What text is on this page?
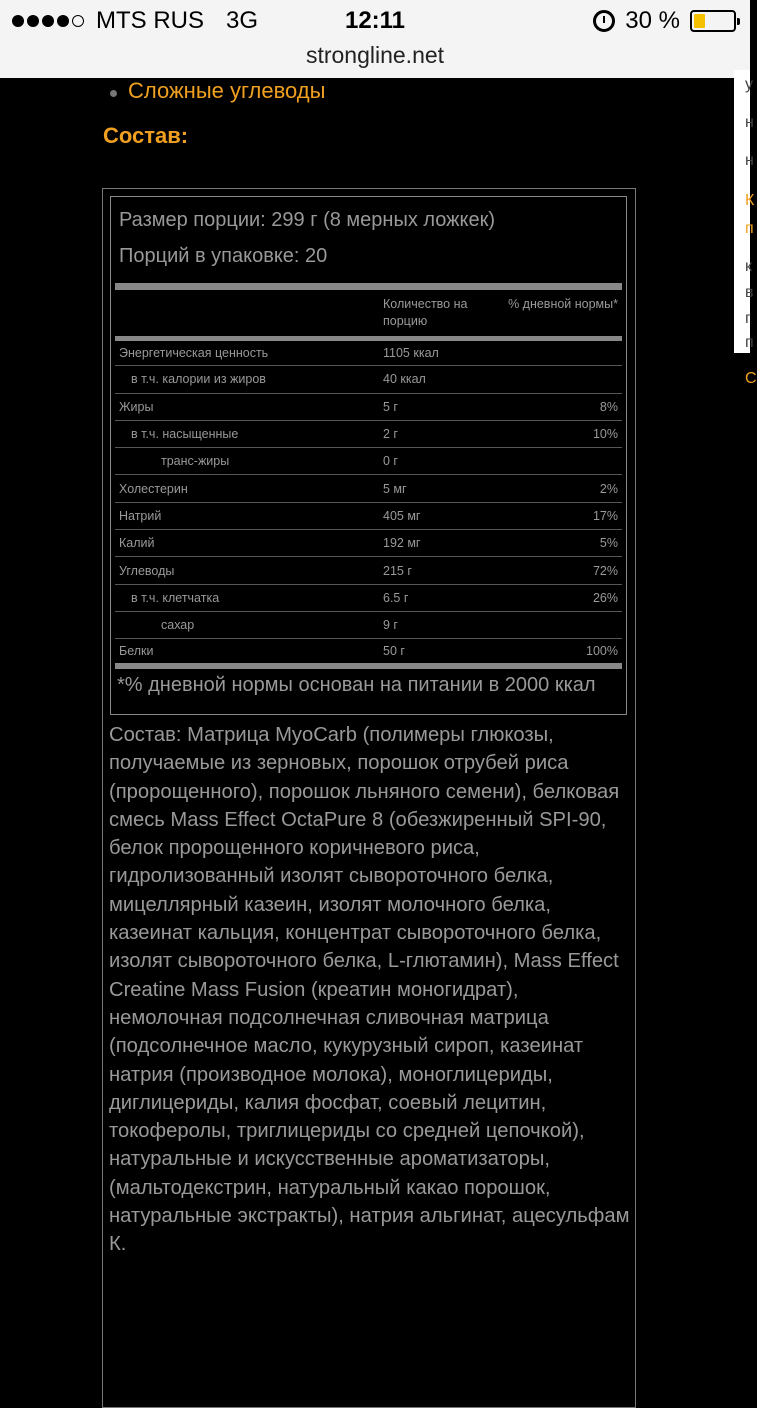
MTS RUS 3G	12:11	30 %
strongline.net
Сложные углеводы
Состав:
Размер порции: 299 г (8 мерных ложкек)
Порций в упаковке: 20
	Количество на порцию	% дневной нормы*
Энергетическая ценность	1105 ккал	
в т.ч. калории из жиров	40 ккал	
Жиры	5 г	8%
в т.ч. насыщенные	2 г	10%
транс-жиры	0 г	
Холестерин	5 мг	2%
Натрий	405 мг	17%
Калий	192 мг	5%
Углеводы	215 г	72%
в т.ч. клетчатка	6.5 г	26%
сахар	9 г	
Белки	50 г	100%
*% дневной нормы основан на питании в 2000 ккал
Состав: Матрица MyoCarb (полимеры глюкозы, получаемые из зерновых, порошок отрубей риса (пророщенного), порошок льняного семени), белковая смесь Mass Effect OctaPure 8 (обезжиренный SPI-90, белок пророщенного коричневого риса, гидролизованный изолят сывороточного белка, мицеллярный казеин, изолят молочного белка, казеинат кальция, концентрат сывороточного белка, изолят сывороточного белка, L-глютамин), Mass Effect Creatine Mass Fusion (креатин моногидрат), немолочная подсолнечная сливочная матрица (подсолнечное масло, кукурузный сироп, казеинат натрия (производное молока), моноглицериды, диглицериды, калия фосфат, соевый лецитин, токоферолы, триглицериды со средней цепочкой), натуральные и искусственные ароматизаторы, (мальтодекстрин, натуральный какао порошок, натуральные экстракты), натрия альгинат, ацесульфам К.
у
н
н
К
п
к
в
г
п
С
